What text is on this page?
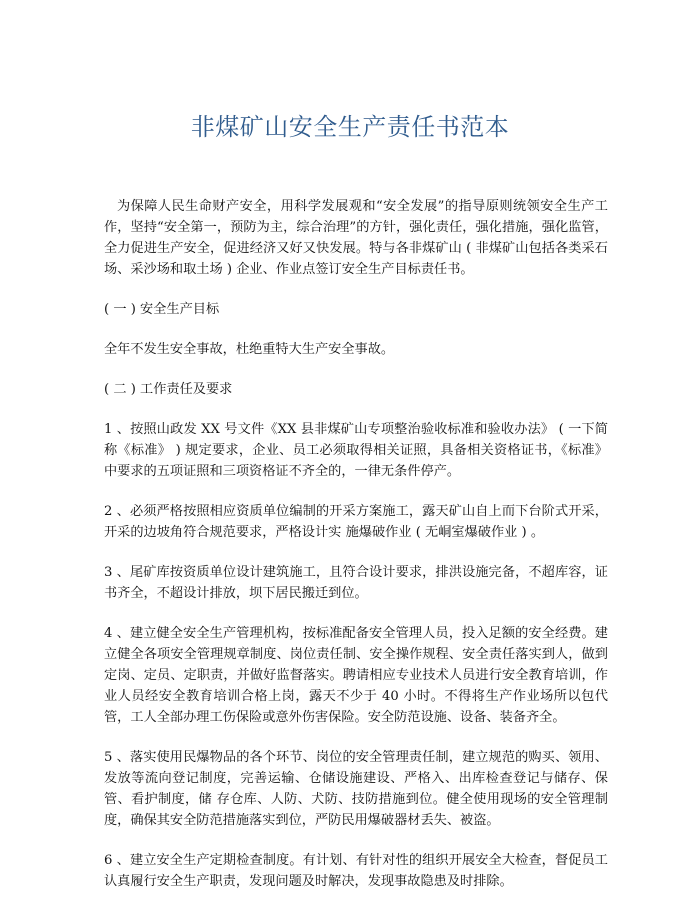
非煤矿山安全生产责任书范本

为保障人民生命财产安全，用科学发展观和“安全发展”的指导原则统领安全生产工作，坚持“安全第一，预防为主，综合治理”的方针，强化责任，强化措施，强化监管，全力促进生产安全，促进经济又好又快发展。特与各非煤矿山 ( 非煤矿山包括各类采石场、采沙场和取土场 ) 企业、作业点签订安全生产目标责任书。

( 一 ) 安全生产目标

全年不发生安全事故，杜绝重特大生产安全事故。

( 二 ) 工作责任及要求

1 、按照山政发 XX 号文件《XX 县非煤矿山专项整治验收标准和验收办法》 ( 一下简称《标准》 ) 规定要求，企业、员工必须取得相关证照，具备相关资格证书，《标准》中要求的五项证照和三项资格证不齐全的，一律无条件停产。

2 、必须严格按照相应资质单位编制的开采方案施工，露天矿山自上而下台阶式开采，开采的边坡角符合规范要求，严格设计实 施爆破作业 ( 无峒室爆破作业 ) 。

3 、尾矿库按资质单位设计建筑施工，且符合设计要求，排洪设施完备，不超库容，证书齐全，不超设计排放，坝下居民搬迁到位。

4 、建立健全安全生产管理机构，按标准配备安全管理人员，投入足额的安全经费。建立健全各项安全管理规章制度、岗位责任制、安全操作规程、安全责任落实到人，做到定岗、定员、定职责，并做好监督落实。聘请相应专业技术人员进行安全教育培训，作业人员经安全教育培训合格上岗，露天不少于 40 小时。不得将生产作业场所以包代管，工人全部办理工伤保险或意外伤害保险。安全防范设施、设备、装备齐全。

5 、落实使用民爆物品的各个环节、岗位的安全管理责任制，建立规范的购买、领用、发放等流向登记制度，完善运输、仓储设施建设、严格入、出库检查登记与储存、保管、看护制度，储 存仓库、人防、犬防、技防措施到位。健全使用现场的安全管理制度，确保其安全防范措施落实到位，严防民用爆破器材丢失、被盗。

6 、建立安全生产定期检查制度。有计划、有针对性的组织开展安全大检查，督促员工认真履行安全生产职责，发现问题及时解决，发现事故隐患及时排除。
